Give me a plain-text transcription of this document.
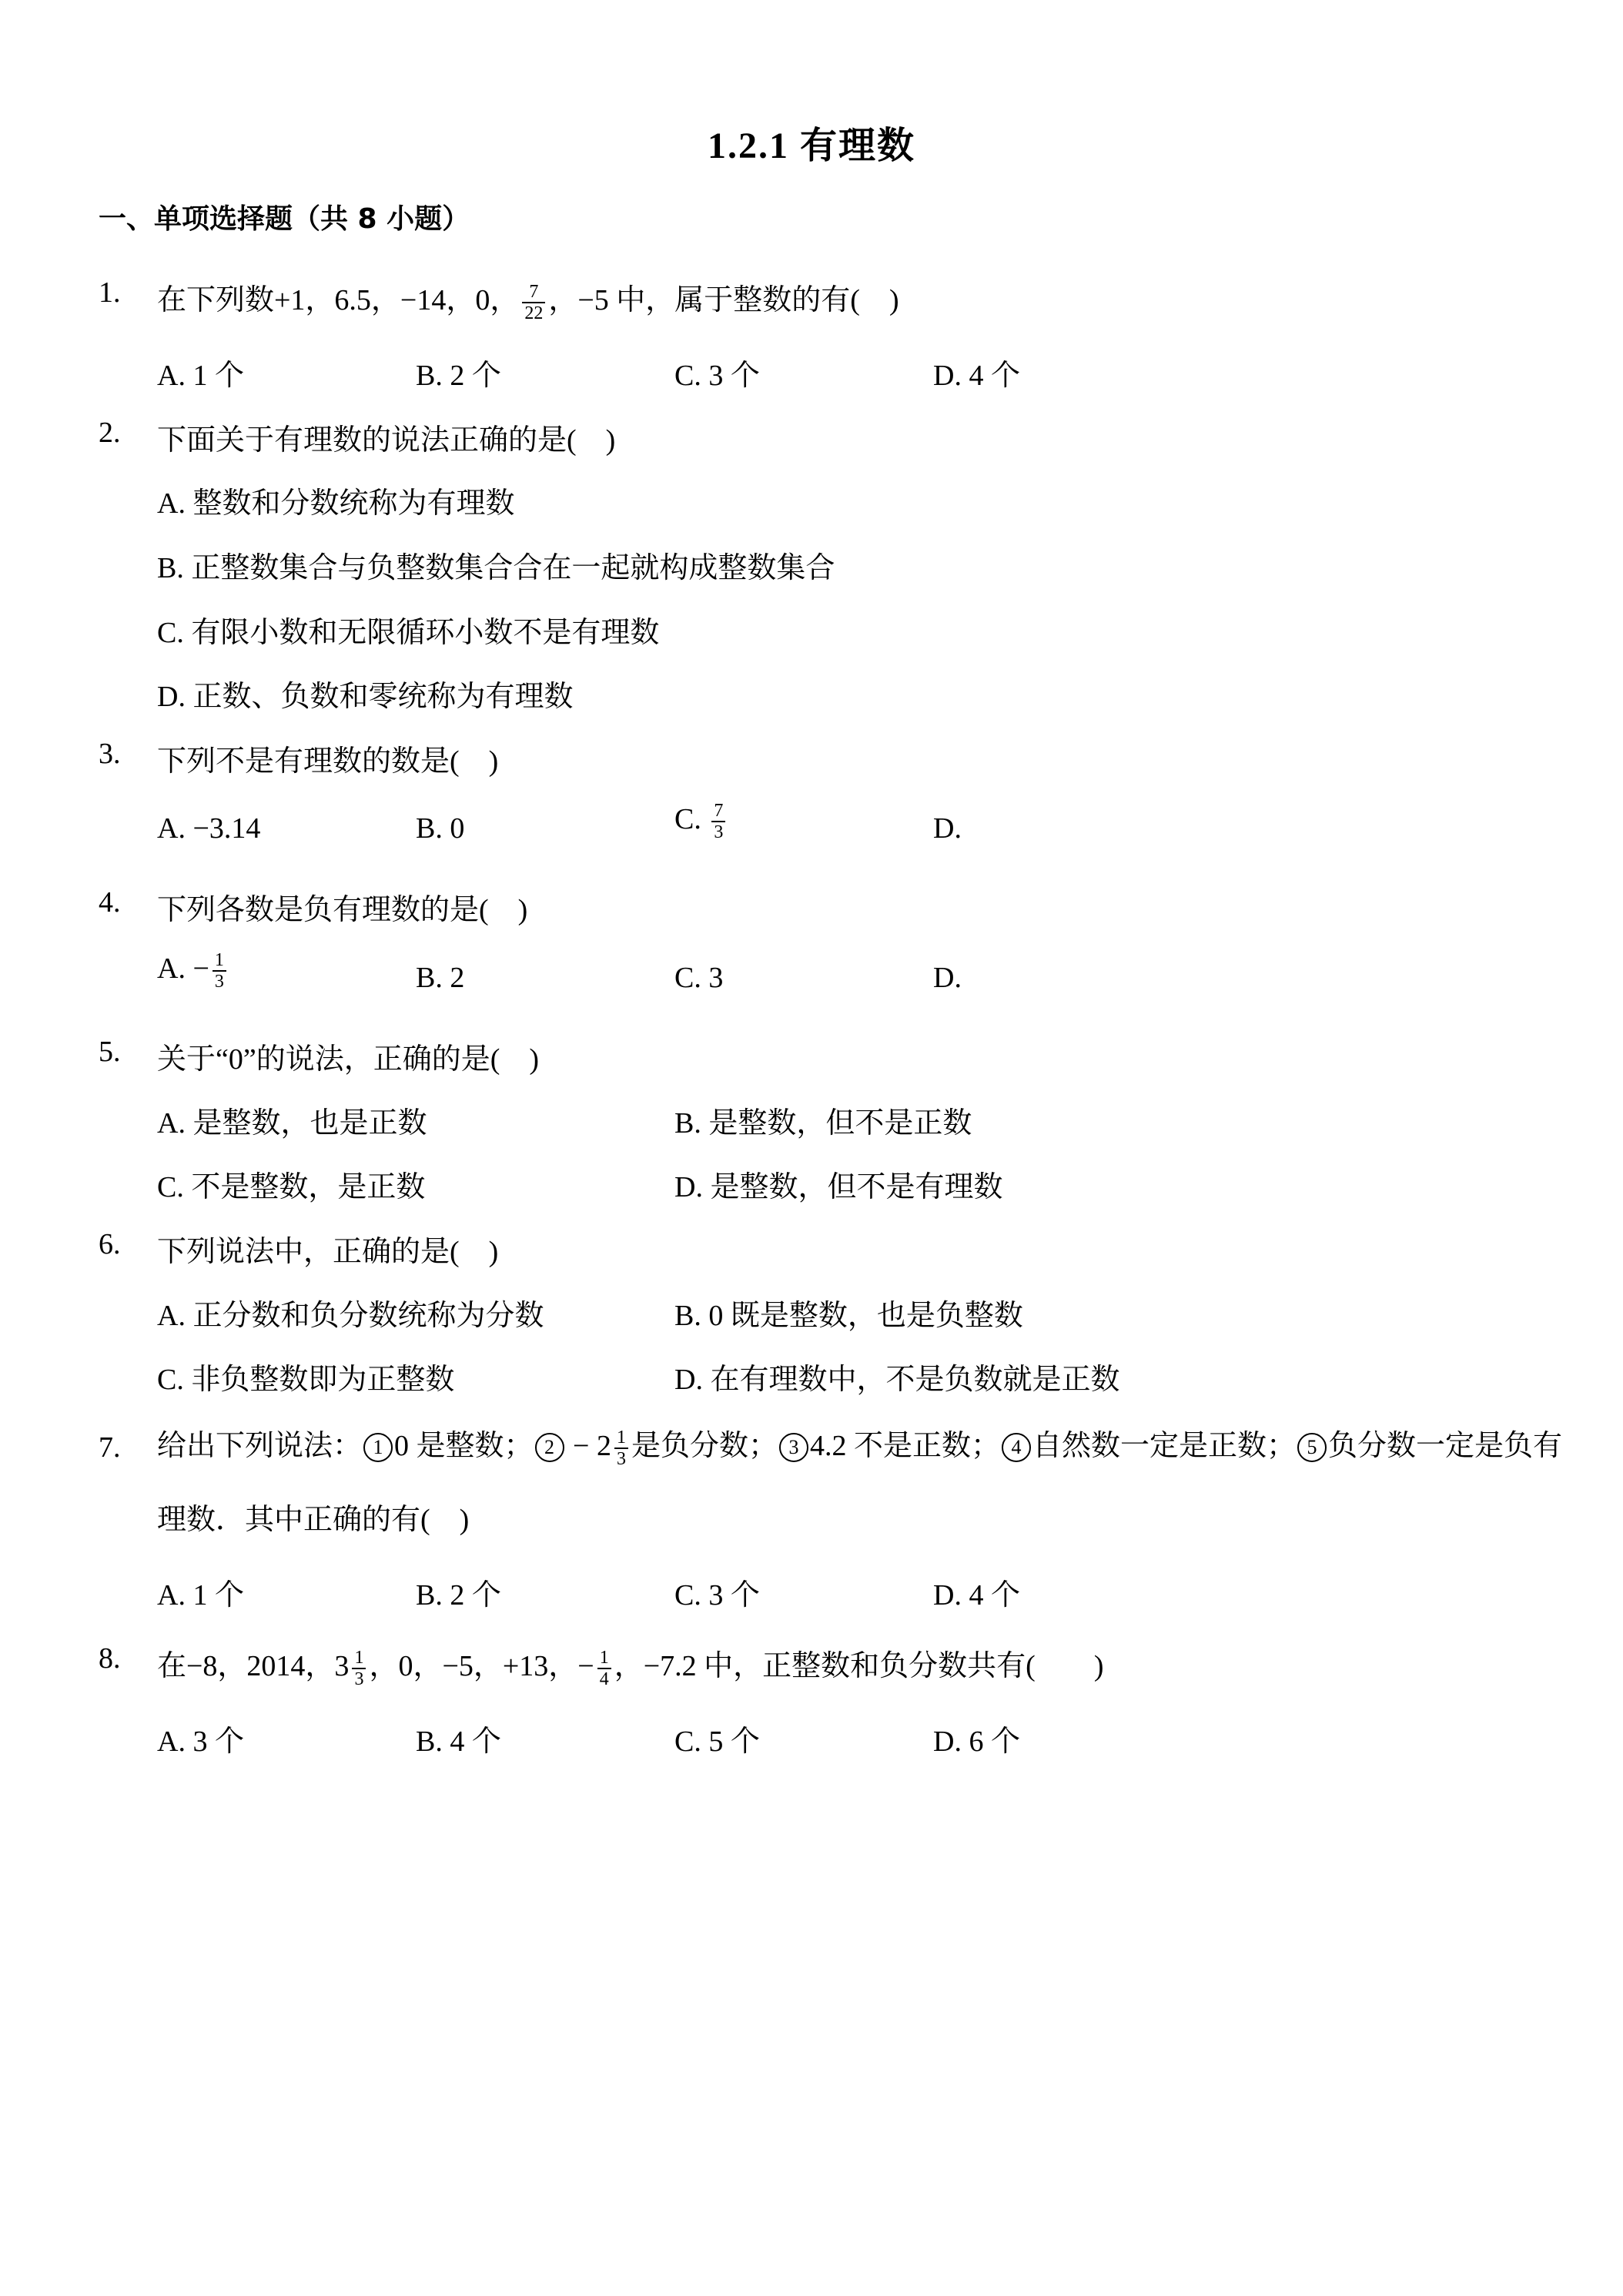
1.2.1 有理数
一、单项选择题（共 8 小题）
1. 在下列数+1，6.5，−14，0， $\frac{7}{22}$ ，−5 中，属于整数的有(　)
A. 1 个	B. 2 个	C. 3 个	D. 4 个
2. 下面关于有理数的说法正确的是(　)
A. 整数和分数统称为有理数
B. 正整数集合与负整数集合合在一起就构成整数集合
C. 有限小数和无限循环小数不是有理数
D. 正数、负数和零统称为有理数
3. 下列不是有理数的数是(　)
A. −3.14	B. 0	C. $\frac{7}{3}$	D.
4. 下列各数是负有理数的是(　)
A. − $\frac{1}{3}$	B. 2	C. 3	D.
5. 关于“0”的说法，正确的是(　)
A. 是整数，也是正数	B. 是整数，但不是正数
C. 不是整数，是正数	D. 是整数，但不是有理数
6. 下列说法中，正确的是(　)
A. 正分数和负分数统称为分数	B. 0 既是整数，也是负整数
C. 非负整数即为正整数	D. 在有理数中，不是负数就是正数
7. 给出下列说法： 1 0 是整数； $2 - 2 \frac{1}{3}$ 是负分数； 3 4.2 不是正数； 4 自然数一定是正数； 5 负分数一定是负有理数．其中正确的有(　)
A. 1 个	B. 2 个	C. 3 个	D. 4 个
8. 在−8，2014，$3 \frac{1}{3}$ ，0，−5，+13，− $\frac{1}{4}$ ，−7.2 中，正整数和负分数共有(　　)
A. 3 个	B. 4 个	C. 5 个	D. 6 个
